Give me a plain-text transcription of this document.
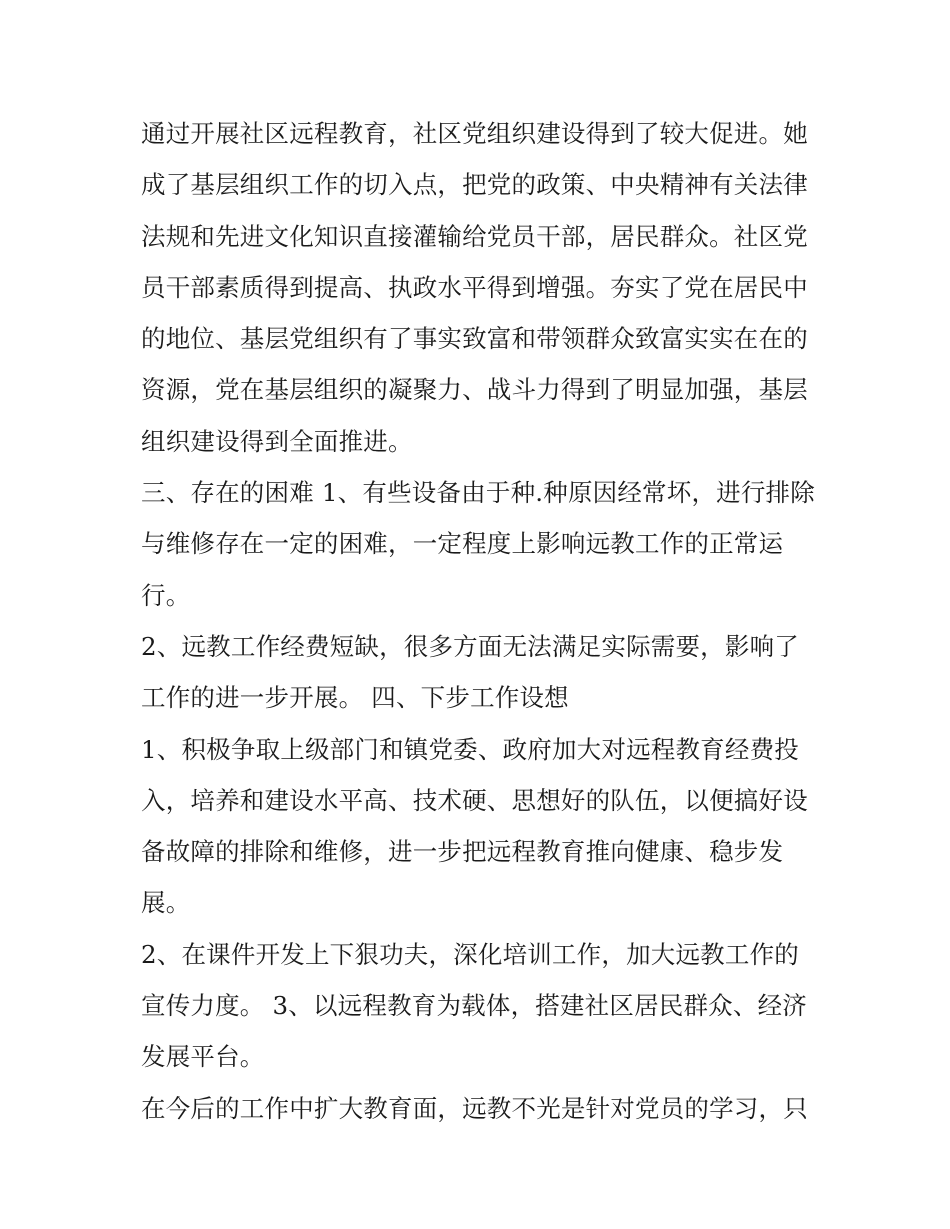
通过开展社区远程教育，社区党组织建设得到了较大促进。她
成了基层组织工作的切入点，把党的政策、中央精神有关法律
法规和先进文化知识直接灌输给党员干部，居民群众。社区党
员干部素质得到提高、执政水平得到增强。夯实了党在居民中
的地位、基层党组织有了事实致富和带领群众致富实实在在的
资源，党在基层组织的凝聚力、战斗力得到了明显加强，基层
组织建设得到全面推进。
三、存在的困难 1、有些设备由于种.种原因经常坏，进行排除
与维修存在一定的困难，一定程度上影响远教工作的正常运
行。
2、远教工作经费短缺，很多方面无法满足实际需要，影响了
工作的进一步开展。 四、下步工作设想
1、积极争取上级部门和镇党委、政府加大对远程教育经费投
入，培养和建设水平高、技术硬、思想好的队伍，以便搞好设
备故障的排除和维修，进一步把远程教育推向健康、稳步发
展。
2、在课件开发上下狠功夫，深化培训工作，加大远教工作的
宣传力度。 3、以远程教育为载体，搭建社区居民群众、经济
发展平台。
在今后的工作中扩大教育面，远教不光是针对党员的学习，只
